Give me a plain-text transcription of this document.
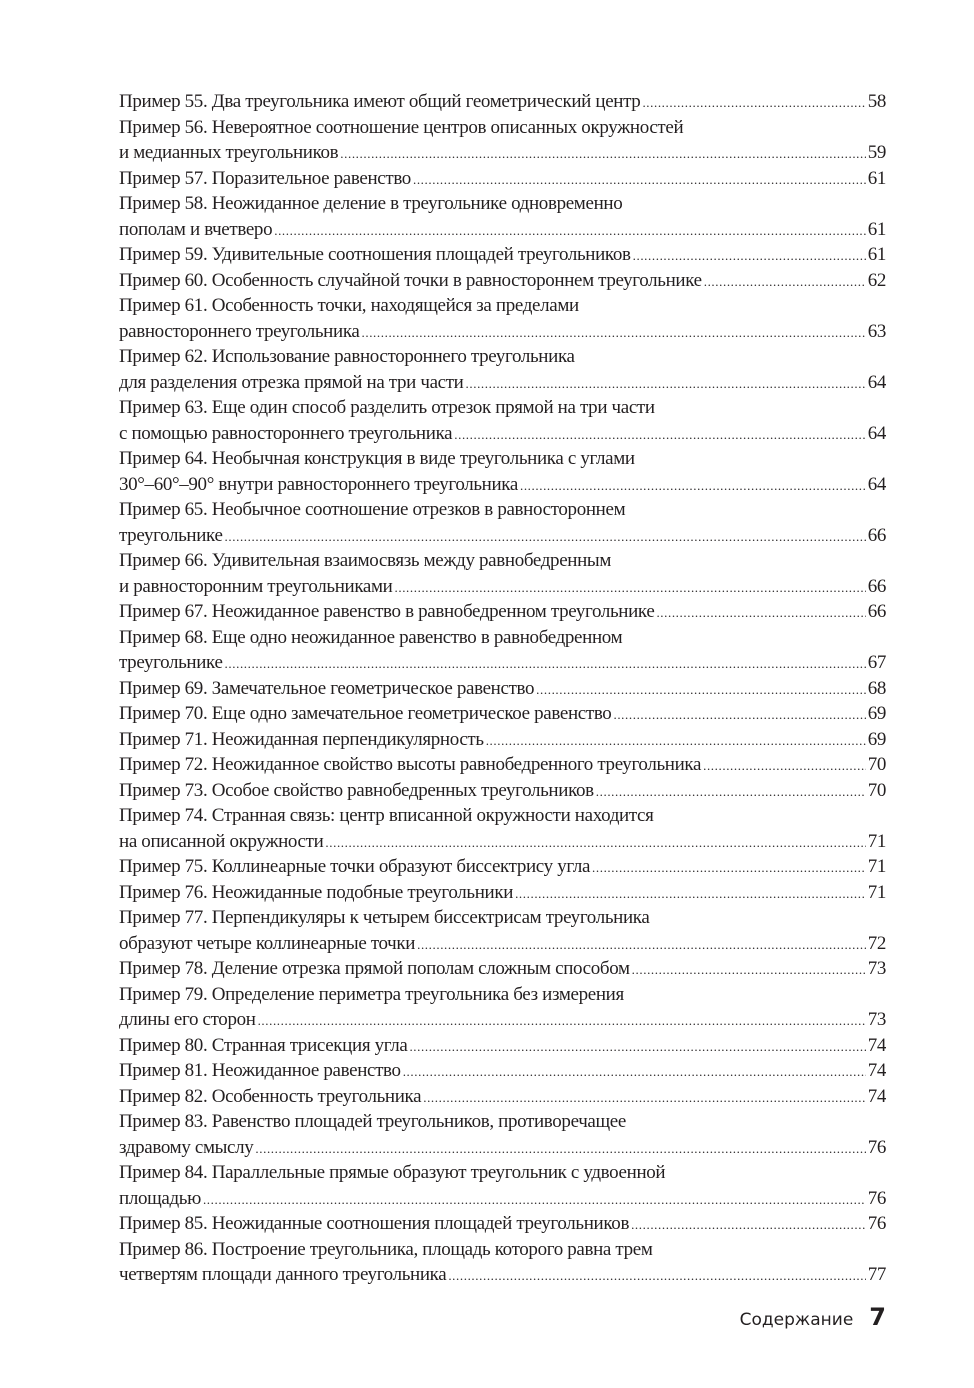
Пример 55. Два треугольника имеют общий геометрический центр .....	58
Пример 56. Невероятное соотношение центров описанных окружностей
и медианных треугольников .....	59
Пример 57. Поразительное равенство .....	61
Пример 58. Неожиданное деление в треугольнике одновременно
пополам и вчетверо .....	61
Пример 59. Удивительные соотношения площадей треугольников .....	61
Пример 60. Особенность случайной точки в равностороннем треугольнике .....	62
Пример 61. Особенность точки, находящейся за пределами
равностороннего треугольника .....	63
Пример 62. Использование равностороннего треугольника
для разделения отрезка прямой на три части .....	64
Пример 63. Еще один способ разделить отрезок прямой на три части
с помощью равностороннего треугольника .....	64
Пример 64. Необычная конструкция в виде треугольника с углами
30°–60°–90° внутри равностороннего треугольника .....	64
Пример 65. Необычное соотношение отрезков в равностороннем
треугольнике .....	66
Пример 66. Удивительная взаимосвязь между равнобедренным
и равносторонним треугольниками .....	66
Пример 67. Неожиданное равенство в равнобедренном треугольнике .....	66
Пример 68. Еще одно неожиданное равенство в равнобедренном
треугольнике .....	67
Пример 69. Замечательное геометрическое равенство .....	68
Пример 70. Еще одно замечательное геометрическое равенство .....	69
Пример 71. Неожиданная перпендикулярность .....	69
Пример 72. Неожиданное свойство высоты равнобедренного треугольника .....	70
Пример 73. Особое свойство равнобедренных треугольников .....	70
Пример 74. Странная связь: центр вписанной окружности находится
на описанной окружности .....	71
Пример 75. Коллинеарные точки образуют биссектрису угла .....	71
Пример 76. Неожиданные подобные треугольники .....	71
Пример 77. Перпендикуляры к четырем биссектрисам треугольника
образуют четыре коллинеарные точки .....	72
Пример 78. Деление отрезка прямой пополам сложным способом .....	73
Пример 79. Определение периметра треугольника без измерения
длины его сторон .....	73
Пример 80. Странная трисекция угла .....	74
Пример 81. Неожиданное равенство .....	74
Пример 82. Особенность треугольника .....	74
Пример 83. Равенство площадей треугольников, противоречащее
здравому смыслу .....	76
Пример 84. Параллельные прямые образуют треугольник с удвоенной
площадью .....	76
Пример 85. Неожиданные соотношения площадей треугольников .....	76
Пример 86. Построение треугольника, площадь которого равна трем
четвертям площади данного треугольника .....	77
Содержание 7
